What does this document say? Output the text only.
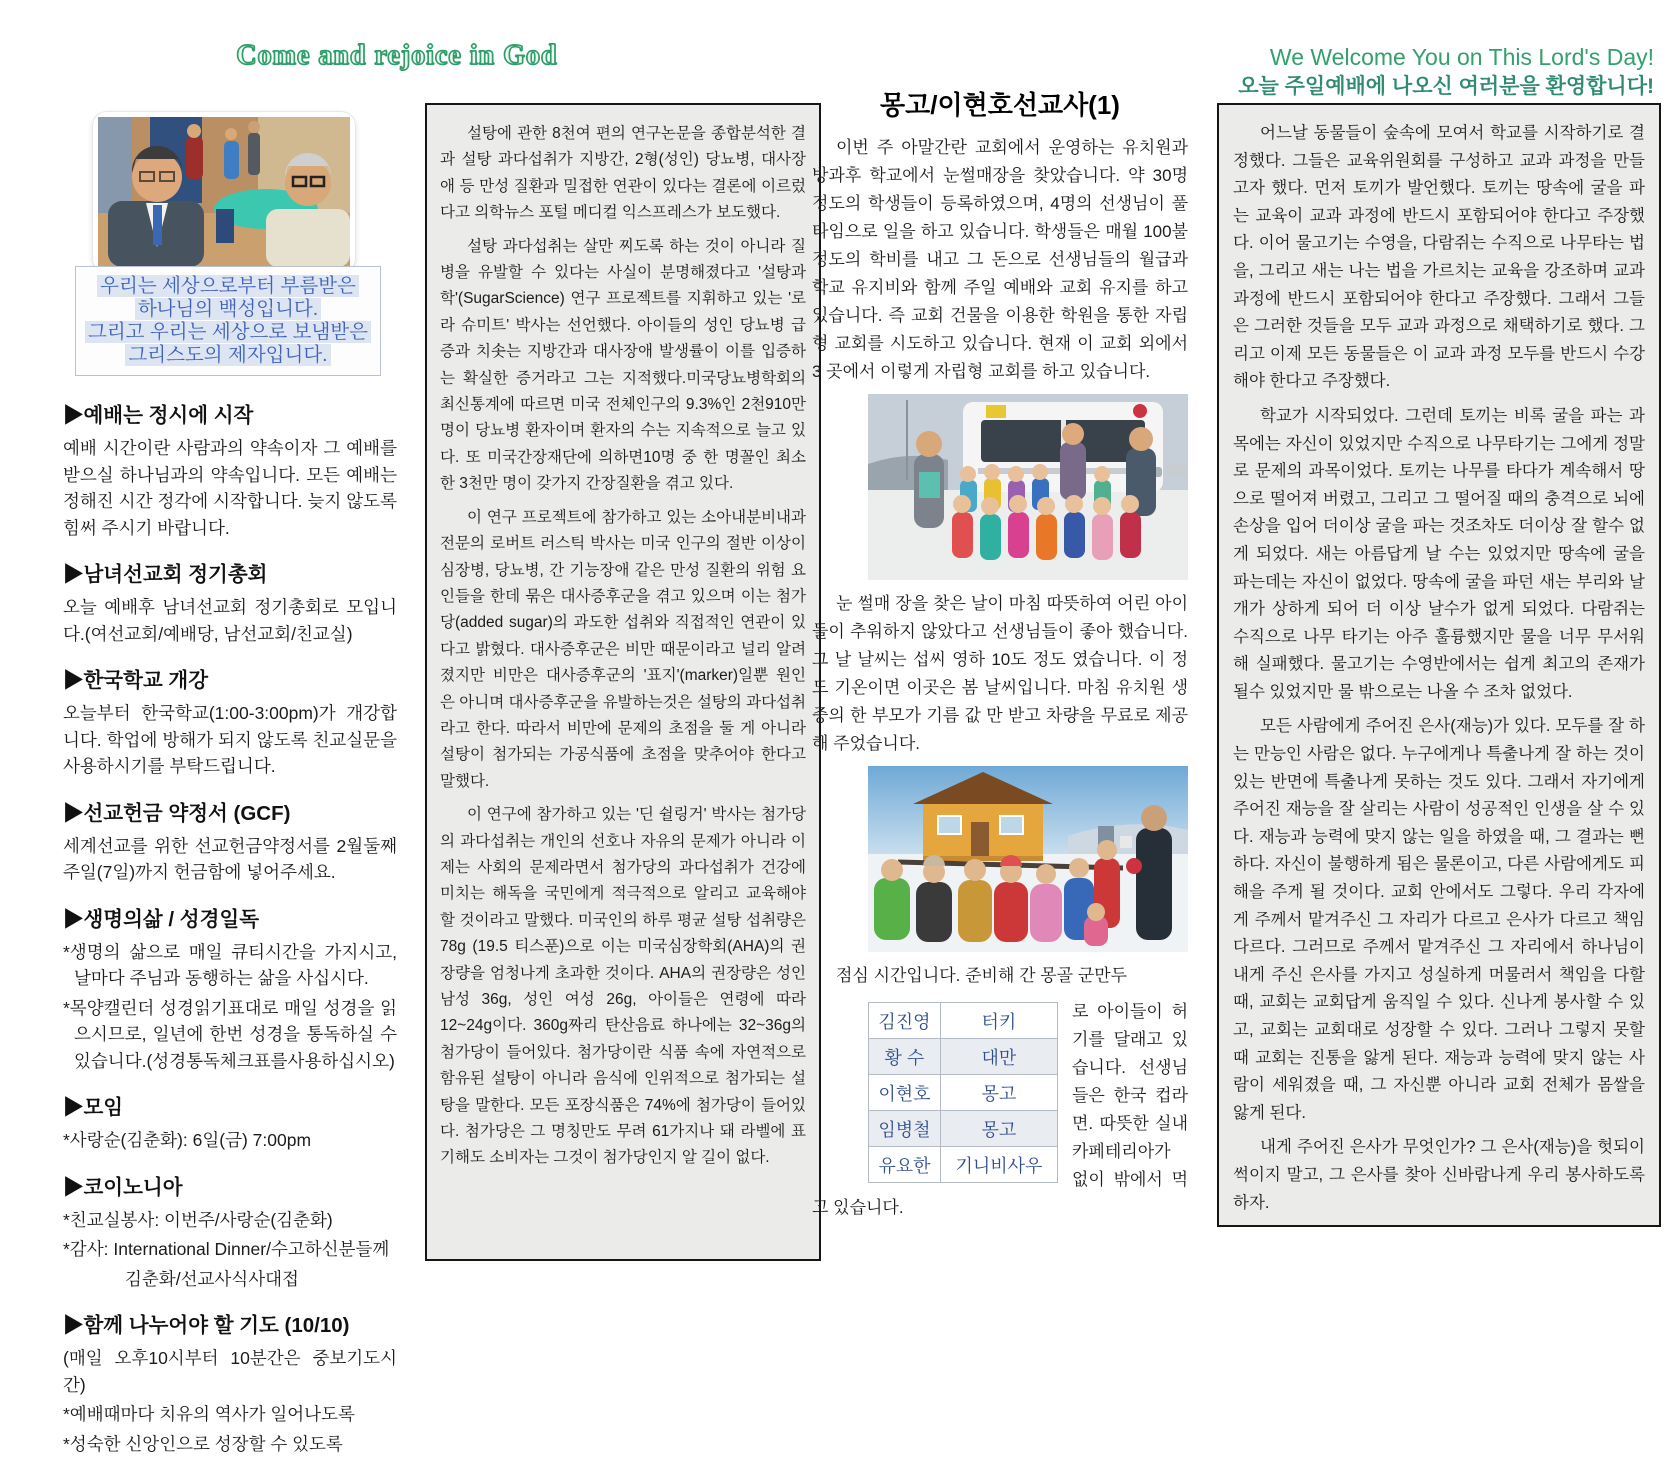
Come and rejoice in God	We Welcome You on This Lord's Day!
오늘 주일예배에 나오신 여러분을 환영합니다!
우리는 세상으로부터 부름받은
하나님의 백성입니다.
그리고 우리는 세상으로 보냄받은
그리스도의 제자입니다.
▶예배는 정시에 시작

예배 시간이란 사람과의 약속이자 그 예배를 받으실 하나님과의 약속입니다. 모든 예배는 정해진 시간 정각에 시작합니다. 늦지 않도록 힘써 주시기 바랍니다.

▶남녀선교회 정기총회

오늘 예배후 남녀선교회 정기총회로 모입니다.(여선교회/예배당, 남선교회/친교실)

▶한국학교 개강

오늘부터 한국학교(1:00-3:00pm)가 개강합니다. 학업에 방해가 되지 않도록 친교실문을 사용하시기를 부탁드립니다.

▶선교헌금 약정서 (GCF)

세계선교를 위한 선교헌금약정서를 2월둘째 주일(7일)까지 헌금함에 넣어주세요.

▶생명의삶 / 성경일독

*생명의 삶으로 매일 큐티시간을 가지시고, 날마다 주님과 동행하는 삶을 사십시다.

*목양캘린더 성경읽기표대로 매일 성경을 읽으시므로, 일년에 한번 성경을 통독하실 수 있습니다.(성경통독체크표를사용하십시오)

▶모임

*사랑순(김춘화): 6일(금) 7:00pm

▶코이노니아

*친교실봉사: 이번주/사랑순(김춘화)

*감사: International Dinner/수고하신분들께

김춘화/선교사식사대접

▶함께 나누어야 할 기도 (10/10)

(매일 오후10시부터 10분간은 중보기도시간)

*예배때마다 치유의 역사가 일어나도록

*성숙한 신앙인으로 성장할 수 있도록

설탕에 관한 8천여 편의 연구논문을 종합분석한 결과 설탕 과다섭취가 지방간, 2형(성인) 당뇨병, 대사장애 등 만성 질환과 밀접한 연관이 있다는 결론에 이르렀다고 의학뉴스 포털 메디컬 익스프레스가 보도했다.

설탕 과다섭취는 살만 찌도록 하는 것이 아니라 질병을 유발할 수 있다는 사실이 분명해졌다고 '설탕과학'(SugarScience) 연구 프로젝트를 지휘하고 있는 '로라 슈미트' 박사는 선언했다. 아이들의 성인 당뇨병 급증과 치솟는 지방간과 대사장애 발생률이 이를 입증하는 확실한 증거라고 그는 지적했다.미국당뇨병학회의 최신통계에 따르면 미국 전체인구의 9.3%인 2천910만 명이 당뇨병 환자이며 환자의 수는 지속적으로 늘고 있다. 또 미국간장재단에 의하면10명 중 한 명꼴인 최소한 3천만 명이 갖가지 간장질환을 겪고 있다.

이 연구 프로젝트에 참가하고 있는 소아내분비내과 전문의 로버트 러스틱 박사는 미국 인구의 절반 이상이 심장병, 당뇨병, 간 기능장애 같은 만성 질환의 위험 요인들을 한데 묶은 대사증후군을 겪고 있으며 이는 첨가당(added sugar)의 과도한 섭취와 직접적인 연관이 있다고 밝혔다. 대사증후군은 비만 때문이라고 널리 알려졌지만 비만은 대사증후군의 '표지'(marker)일뿐 원인은 아니며 대사증후군을 유발하는것은 설탕의 과다섭취라고 한다. 따라서 비만에 문제의 초점을 둘 게 아니라 설탕이 첨가되는 가공식품에 초점을 맞추어야 한다고 말했다.

이 연구에 참가하고 있는 '딘 쉴링거' 박사는 첨가당의 과다섭취는 개인의 선호나 자유의 문제가 아니라 이제는 사회의 문제라면서 첨가당의 과다섭취가 건강에 미치는 해독을 국민에게 적극적으로 알리고 교육해야 할 것이라고 말했다. 미국인의 하루 평균 설탕 섭취량은 78g (19.5 티스푼)으로 이는 미국심장학회(AHA)의 권장량을 엄청나게 초과한 것이다. AHA의 권장량은 성인 남성 36g, 성인 여성 26g, 아이들은 연령에 따라 12~24g이다. 360g짜리 탄산음료 하나에는 32~36g의 첨가당이 들어있다. 첨가당이란 식품 속에 자연적으로 함유된 설탕이 아니라 음식에 인위적으로 첨가되는 설탕을 말한다. 모든 포장식품은 74%에 첨가당이 들어있다. 첨가당은 그 명칭만도 무려 61가지나 돼 라벨에 표기해도 소비자는 그것이 첨가당인지 알 길이 없다.

몽고/이현호선교사(1)

이번 주 아말간란 교회에서 운영하는 유치원과 방과후 학교에서 눈썰매장을 찾았습니다. 약 30명 정도의 학생들이 등록하였으며, 4명의 선생님이 풀타임으로 일을 하고 있습니다. 학생들은 매월 100불 정도의 학비를 내고 그 돈으로 선생님들의 월급과 학교 유지비와 함께 주일 예배와 교회 유지를 하고 있습니다. 즉 교회 건물을 이용한 학원을 통한 자립형 교회를 시도하고 있습니다. 현재 이 교회 외에서 3 곳에서 이렇게 자립형 교회를 하고 있습니다.

눈 썰매 장을 찾은 날이 마침 따뜻하여 어린 아이들이 추워하지 않았다고 선생님들이 좋아 했습니다. 그 날 날씨는 섭씨 영하 10도 정도 였습니다. 이 정도 기온이면 이곳은 봄 날씨입니다. 마침 유치원 생 중의 한 부모가 기름 값 만 받고 차량을 무료로 제공해 주었습니다.

점심 시간입니다. 준비해 간 몽골 군만두

김진영	터키
황 수	대만
이현호	몽고
임병철	몽고
유요한	기니비사우

로 아이들이 허기를 달래고 있습니다. 선생님들은 한국 컵라면. 따뜻한 실내 카페테리아가 없이 밖에서 먹고 있습니다.

어느날 동물들이 숲속에 모여서 학교를 시작하기로 결정했다. 그들은 교육위원회를 구성하고 교과 과정을 만들고자 했다. 먼저 토끼가 발언했다. 토끼는 땅속에 굴을 파는 교육이 교과 과정에 반드시 포함되어야 한다고 주장했다. 이어 물고기는 수영을, 다람쥐는 수직으로 나무타는 법을, 그리고 새는 나는 법을 가르치는 교육을 강조하며 교과 과정에 반드시 포함되어야 한다고 주장했다. 그래서 그들은 그러한 것들을 모두 교과 과정으로 채택하기로 했다. 그리고 이제 모든 동물들은 이 교과 과정 모두를 반드시 수강해야 한다고 주장했다.

학교가 시작되었다. 그런데 토끼는 비록 굴을 파는 과목에는 자신이 있었지만 수직으로 나무타기는 그에게 정말로 문제의 과목이었다. 토끼는 나무를 타다가 계속해서 땅으로 떨어져 버렸고, 그리고 그 떨어질 때의 충격으로 뇌에 손상을 입어 더이상 굴을 파는 것조차도 더이상 잘 할수 없게 되었다. 새는 아름답게 날 수는 있었지만 땅속에 굴을 파는데는 자신이 없었다. 땅속에 굴을 파던 새는 부리와 날개가 상하게 되어 더 이상 날수가 없게 되었다. 다람쥐는 수직으로 나무 타기는 아주 훌륭했지만 물을 너무 무서워해 실패했다. 물고기는 수영반에서는 쉽게 최고의 존재가 될수 있었지만 물 밖으로는 나올 수 조차 없었다.

모든 사람에게 주어진 은사(재능)가 있다. 모두를 잘 하는 만능인 사람은 없다. 누구에게나 특출나게 잘 하는 것이 있는 반면에 특출나게 못하는 것도 있다. 그래서 자기에게 주어진 재능을 잘 살리는 사람이 성공적인 인생을 살 수 있다. 재능과 능력에 맞지 않는 일을 하였을 때, 그 결과는 뻔하다. 자신이 불행하게 됨은 물론이고, 다른 사람에게도 피해을 주게 될 것이다. 교회 안에서도 그렇다. 우리 각자에게 주께서 맡겨주신 그 자리가 다르고 은사가 다르고 책임 다르다. 그러므로 주께서 맡겨주신 그 자리에서 하나님이 내게 주신 은사를 가지고 성실하게 머물러서 책임을 다할 때, 교회는 교회답게 움직일 수 있다. 신나게 봉사할 수 있고, 교회는 교회대로 성장할 수 있다. 그러나 그렇지 못할 때 교회는 진통을 앓게 된다. 재능과 능력에 맞지 않는 사람이 세워졌을 때, 그 자신뿐 아니라 교회 전체가 몸쌀을 앓게 된다.

내게 주어진 은사가 무엇인가? 그 은사(재능)을 헛되이 썩이지 말고, 그 은사를 찾아 신바람나게 우리 봉사하도록 하자.
